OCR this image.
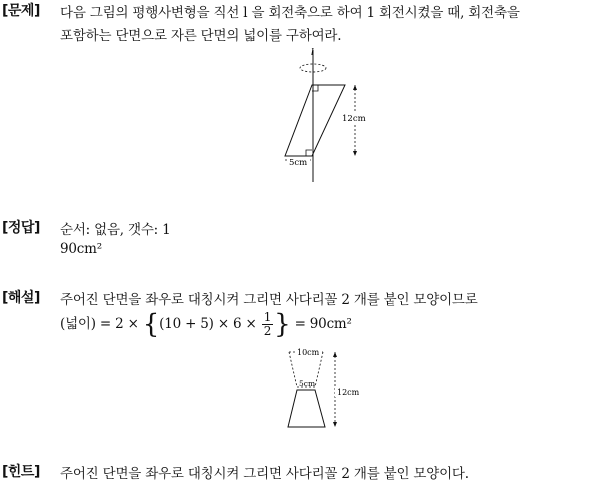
[문제] 다음 그림의 평행사변형을 직선 l 을 회전축으로 하여 1 회전시켰을 때, 회전축을
포함하는 단면으로 자른 단면의 넓이를 구하여라.
l
12cm
5cm
[정답] 순서: 없음, 갯수: 1
90cm²
[해설] 주어진 단면을 좌우로 대칭시켜 그리면 사다리꼴 2 개를 붙인 모양이므로
(넓이) = $2 \times \{(10 + 5) \times 6 \times \frac{1}{2}$ } = 90cm²
10cm
5cm
12cm
[힌트] 주어진 단면을 좌우로 대칭시켜 그리면 사다리꼴 2 개를 붙인 모양이다.
